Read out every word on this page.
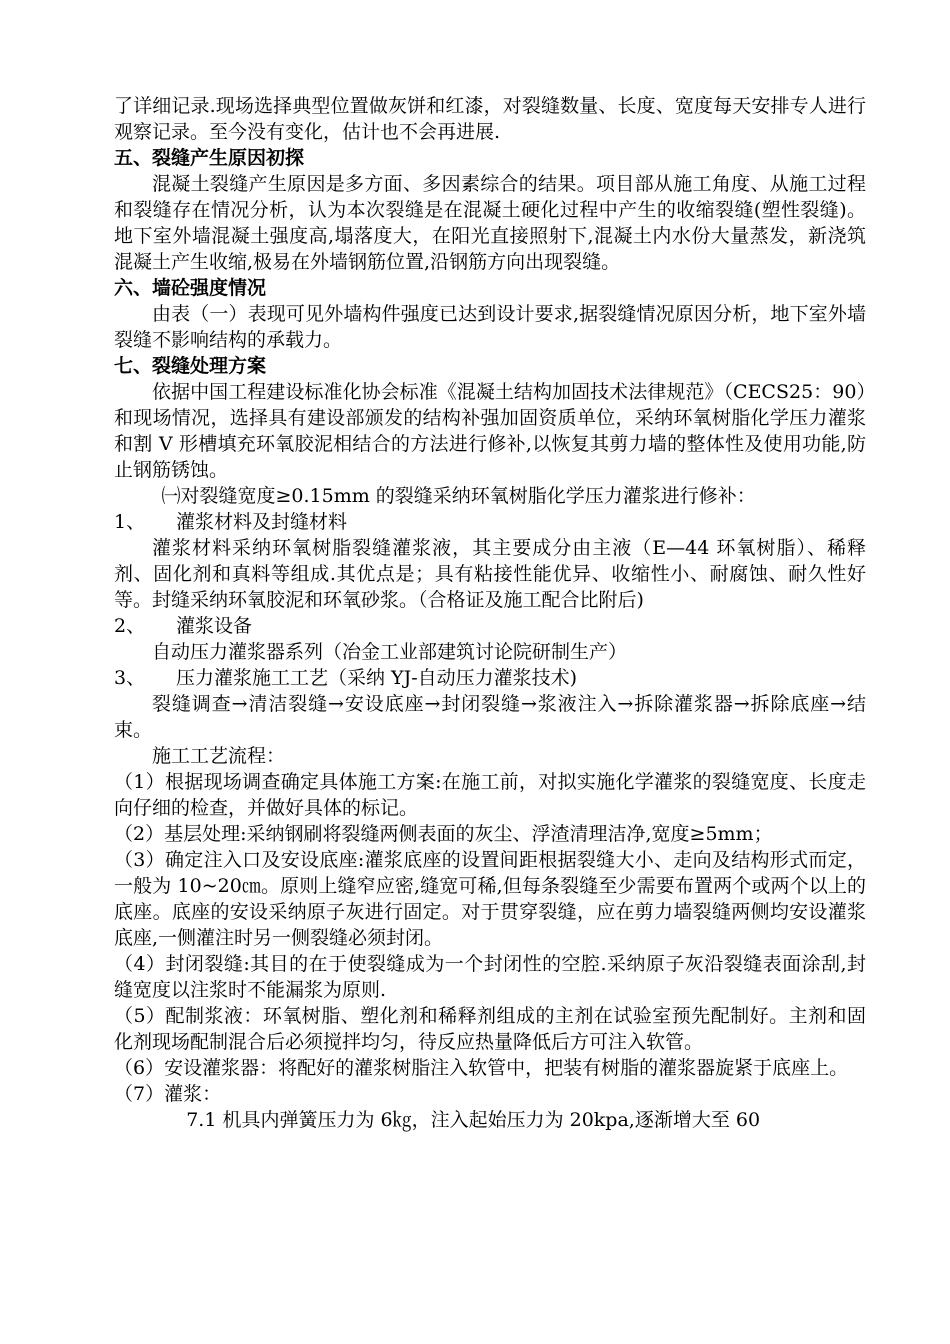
了详细记录.现场选择典型位置做灰饼和红漆，对裂缝数量、长度、宽度每天安排专人进行观察记录。至今没有变化，估计也不会再进展.

五、裂缝产生原因初探

混凝土裂缝产生原因是多方面、多因素综合的结果。项目部从施工角度、从施工过程和裂缝存在情况分析，认为本次裂缝是在混凝土硬化过程中产生的收缩裂缝(塑性裂缝)。地下室外墙混凝土强度高,塌落度大，在阳光直接照射下,混凝土内水份大量蒸发，新浇筑混凝土产生收缩,极易在外墙钢筋位置,沿钢筋方向出现裂缝。

六、墙砼强度情况

由表（一）表现可见外墙构件强度已达到设计要求,据裂缝情况原因分析，地下室外墙裂缝不影响结构的承载力。

七、裂缝处理方案

依据中国工程建设标准化协会标准《混凝土结构加固技术法律规范》（CECS25：90）和现场情况，选择具有建设部颁发的结构补强加固资质单位，采纳环氧树脂化学压力灌浆和割 V 形槽填充环氧胶泥相结合的方法进行修补,以恢复其剪力墙的整体性及使用功能,防止钢筋锈蚀。

㈠对裂缝宽度≥0.15mm 的裂缝采纳环氧树脂化学压力灌浆进行修补：

1、	灌浆材料及封缝材料

灌浆材料采纳环氧树脂裂缝灌浆液，其主要成分由主液（E—44 环氧树脂）、稀释剂、固化剂和真料等组成.其优点是；具有粘接性能优异、收缩性小、耐腐蚀、耐久性好等。封缝采纳环氧胶泥和环氧砂浆。（合格证及施工配合比附后)

2、	灌浆设备

自动压力灌浆器系列（冶金工业部建筑讨论院研制生产）

3、	压力灌浆施工工艺（采纳 YJ-自动压力灌浆技术)

裂缝调查→清洁裂缝→安设底座→封闭裂缝→浆液注入→拆除灌浆器→拆除底座→结束。

施工工艺流程：

（1）根据现场调查确定具体施工方案:在施工前，对拟实施化学灌浆的裂缝宽度、长度走向仔细的检查，并做好具体的标记。

（2）基层处理:采纳钢刷将裂缝两侧表面的灰尘、浮渣清理洁净,宽度≥5mm；

（3）确定注入口及安设底座:灌浆底座的设置间距根据裂缝大小、走向及结构形式而定，一般为 10~20㎝。原则上缝窄应密,缝宽可稀,但每条裂缝至少需要布置两个或两个以上的底座。底座的安设采纳原子灰进行固定。对于贯穿裂缝，应在剪力墙裂缝两侧均安设灌浆底座,一侧灌注时另一侧裂缝必须封闭。

（4）封闭裂缝:其目的在于使裂缝成为一个封闭性的空腔.采纳原子灰沿裂缝表面涂刮,封缝宽度以注浆时不能漏浆为原则.

（5）配制浆液：环氧树脂、塑化剂和稀释剂组成的主剂在试验室预先配制好。主剂和固化剂现场配制混合后必须搅拌均匀，待反应热量降低后方可注入软管。

（6）安设灌浆器：将配好的灌浆树脂注入软管中，把装有树脂的灌浆器旋紧于底座上。

（7）灌浆：

7.1 机具内弹簧压力为 6㎏，注入起始压力为 20kpa,逐渐增大至 60
